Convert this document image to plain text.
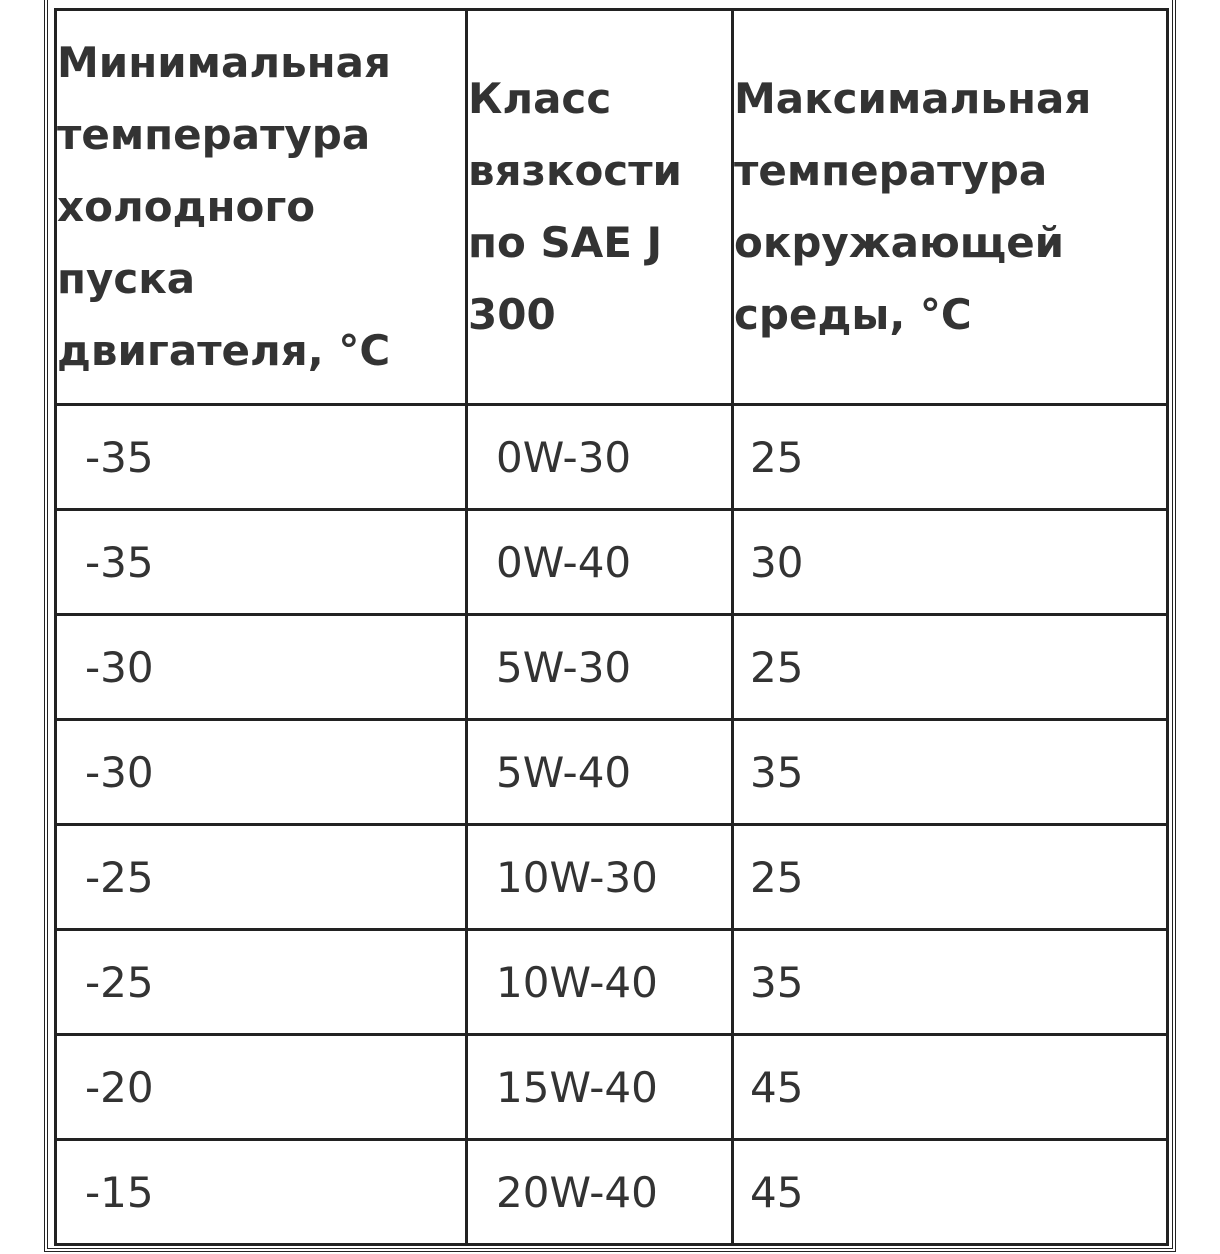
Минимальная температура холодного пуска двигателя, °С	Класс вязкости по SAE J 300	Максимальная температура окружающей среды, °С
-35	0W-30	25
-35	0W-40	30
-30	5W-30	25
-30	5W-40	35
-25	10W-30	25
-25	10W-40	35
-20	15W-40	45
-15	20W-40	45
